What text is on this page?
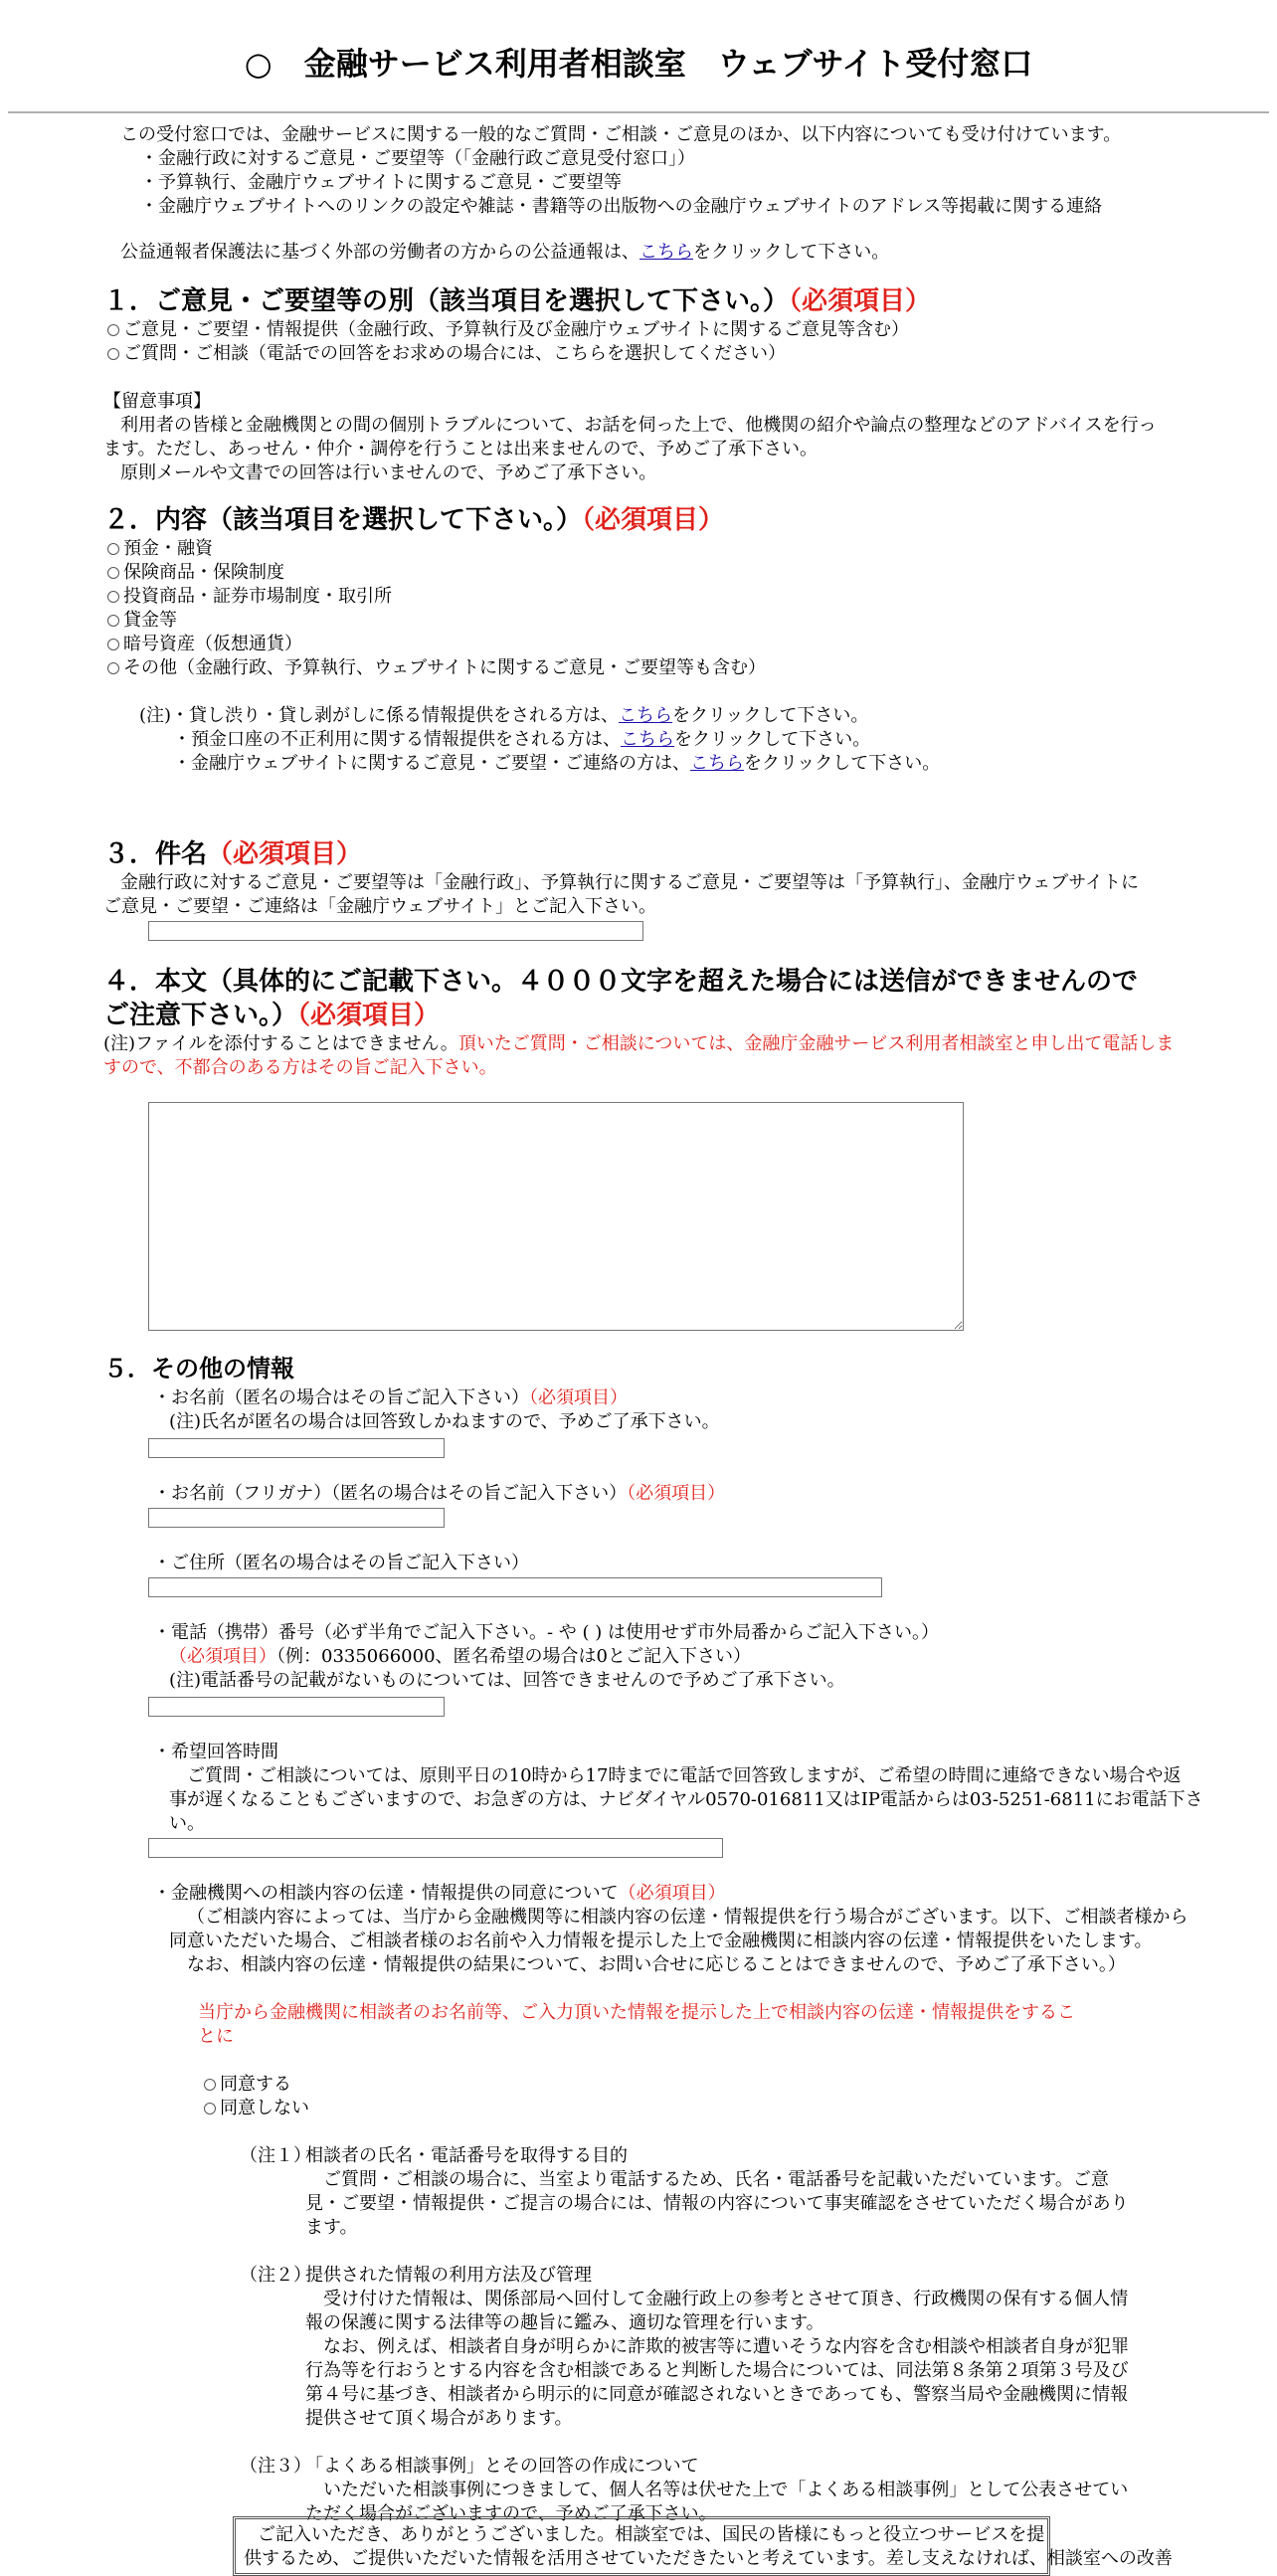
○　金融サービス利用者相談室　ウェブサイト受付窓口
この受付窓口では、金融サービスに関する一般的なご質問・ご相談・ご意見のほか、以下内容についても受け付けています。
・金融行政に対するご意見・ご要望等（「金融行政ご意見受付窓口」）
・予算執行、金融庁ウェブサイトに関するご意見・ご要望等
・金融庁ウェブサイトへのリンクの設定や雑誌・書籍等の出版物への金融庁ウェブサイトのアドレス等掲載に関する連絡
公益通報者保護法に基づく外部の労働者の方からの公益通報は、こちらをクリックして下さい。
１．ご意見・ご要望等の別（該当項目を選択して下さい。）（必須項目）
ご意見・ご要望・情報提供（金融行政、予算執行及び金融庁ウェブサイトに関するご意見等含む）
ご質問・ご相談（電話での回答をお求めの場合には、こちらを選択してください）
【留意事項】
利用者の皆様と金融機関との間の個別トラブルについて、お話を伺った上で、他機関の紹介や論点の整理などのアドバイスを行っ
ます。ただし、あっせん・仲介・調停を行うことは出来ませんので、予めご了承下さい。
原則メールや文書での回答は行いませんので、予めご了承下さい。
２．内容（該当項目を選択して下さい。）（必須項目）
預金・融資
保険商品・保険制度
投資商品・証券市場制度・取引所
貸金等
暗号資産（仮想通貨）
その他（金融行政、予算執行、ウェブサイトに関するご意見・ご要望等も含む）
(注)・貸し渋り・貸し剥がしに係る情報提供をされる方は、こちらをクリックして下さい。
・預金口座の不正利用に関する情報提供をされる方は、こちらをクリックして下さい。
・金融庁ウェブサイトに関するご意見・ご要望・ご連絡の方は、こちらをクリックして下さい。
３．件名（必須項目）
金融行政に対するご意見・ご要望等は「金融行政」、予算執行に関するご意見・ご要望等は「予算執行」、金融庁ウェブサイトに
ご意見・ご要望・ご連絡は「金融庁ウェブサイト」とご記入下さい。
４．本文（具体的にご記載下さい。４０００文字を超えた場合には送信ができませんので
ご注意下さい。）（必須項目）
(注)ファイルを添付することはできません。頂いたご質問・ご相談については、金融庁金融サービス利用者相談室と申し出て電話しま
すので、不都合のある方はその旨ご記入下さい。
５．その他の情報
・お名前（匿名の場合はその旨ご記入下さい）（必須項目）
(注)氏名が匿名の場合は回答致しかねますので、予めご了承下さい。
・お名前（フリガナ）（匿名の場合はその旨ご記入下さい）（必須項目）
・ご住所（匿名の場合はその旨ご記入下さい）
・電話（携帯）番号（必ず半角でご記入下さい。- や ( ) は使用せず市外局番からご記入下さい。）
（必須項目）（例：0335066000、匿名希望の場合は0とご記入下さい）
(注)電話番号の記載がないものについては、回答できませんので予めご了承下さい。
・希望回答時間
ご質問・ご相談については、原則平日の10時から17時までに電話で回答致しますが、ご希望の時間に連絡できない場合や返
事が遅くなることもございますので、お急ぎの方は、ナビダイヤル0570-016811又はIP電話からは03-5251-6811にお電話下さ
い。
・金融機関への相談内容の伝達・情報提供の同意について（必須項目）
（ご相談内容によっては、当庁から金融機関等に相談内容の伝達・情報提供を行う場合がございます。以下、ご相談者様から
同意いただいた場合、ご相談者様のお名前や入力情報を提示した上で金融機関に相談内容の伝達・情報提供をいたします。
なお、相談内容の伝達・情報提供の結果について、お問い合せに応じることはできませんので、予めご了承下さい。）
当庁から金融機関に相談者のお名前等、ご入力頂いた情報を提示した上で相談内容の伝達・情報提供をするこ
とに
同意する
同意しない
（注１）
相談者の氏名・電話番号を取得する目的
ご質問・ご相談の場合に、当室より電話するため、氏名・電話番号を記載いただいています。ご意
見・ご要望・情報提供・ご提言の場合には、情報の内容について事実確認をさせていただく場合があり
ます。
（注２）
提供された情報の利用方法及び管理
受け付けた情報は、関係部局へ回付して金融行政上の参考とさせて頂き、行政機関の保有する個人情
報の保護に関する法律等の趣旨に鑑み、適切な管理を行います。
なお、例えば、相談者自身が明らかに詐欺的被害等に遭いそうな内容を含む相談や相談者自身が犯罪
行為等を行おうとする内容を含む相談であると判断した場合については、同法第８条第２項第３号及び
第４号に基づき、相談者から明示的に同意が確認されないときであっても、警察当局や金融機関に情報
提供させて頂く場合があります。
（注３）
「よくある相談事例」とその回答の作成について
いただいた相談事例につきまして、個人名等は伏せた上で「よくある相談事例」として公表させてい
ただく場合がございますので、予めご了承下さい。
ご記入いただき、ありがとうございました。相談室では、国民の皆様にもっと役立つサービスを提
供するため、ご提供いただいた情報を活用させていただきたいと考えています。差し支えなければ、相談室への改善
